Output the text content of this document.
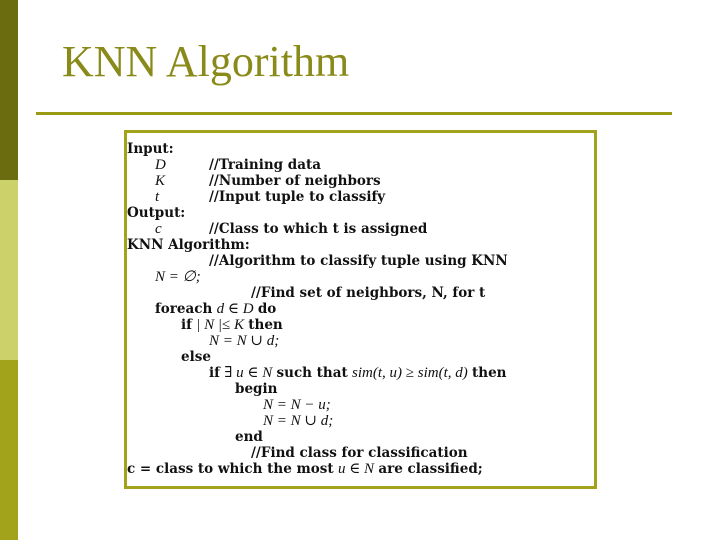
KNN Algorithm
Input:
D	//Training data
K	//Number of neighbors
t	//Input tuple to classify
Output:
c	//Class to which t is assigned
KNN Algorithm:
//Algorithm to classify tuple using KNN
N = ∅;
//Find set of neighbors, N, for t
foreach d ∈ D do
if | N |≤ K then
N = N ∪ d;
else
if ∃ u ∈ N such that sim(t, u) ≥ sim(t, d) then
begin
N = N − u;
N = N ∪ d;
end
//Find class for classification
c = class to which the most u ∈ N are classified;
